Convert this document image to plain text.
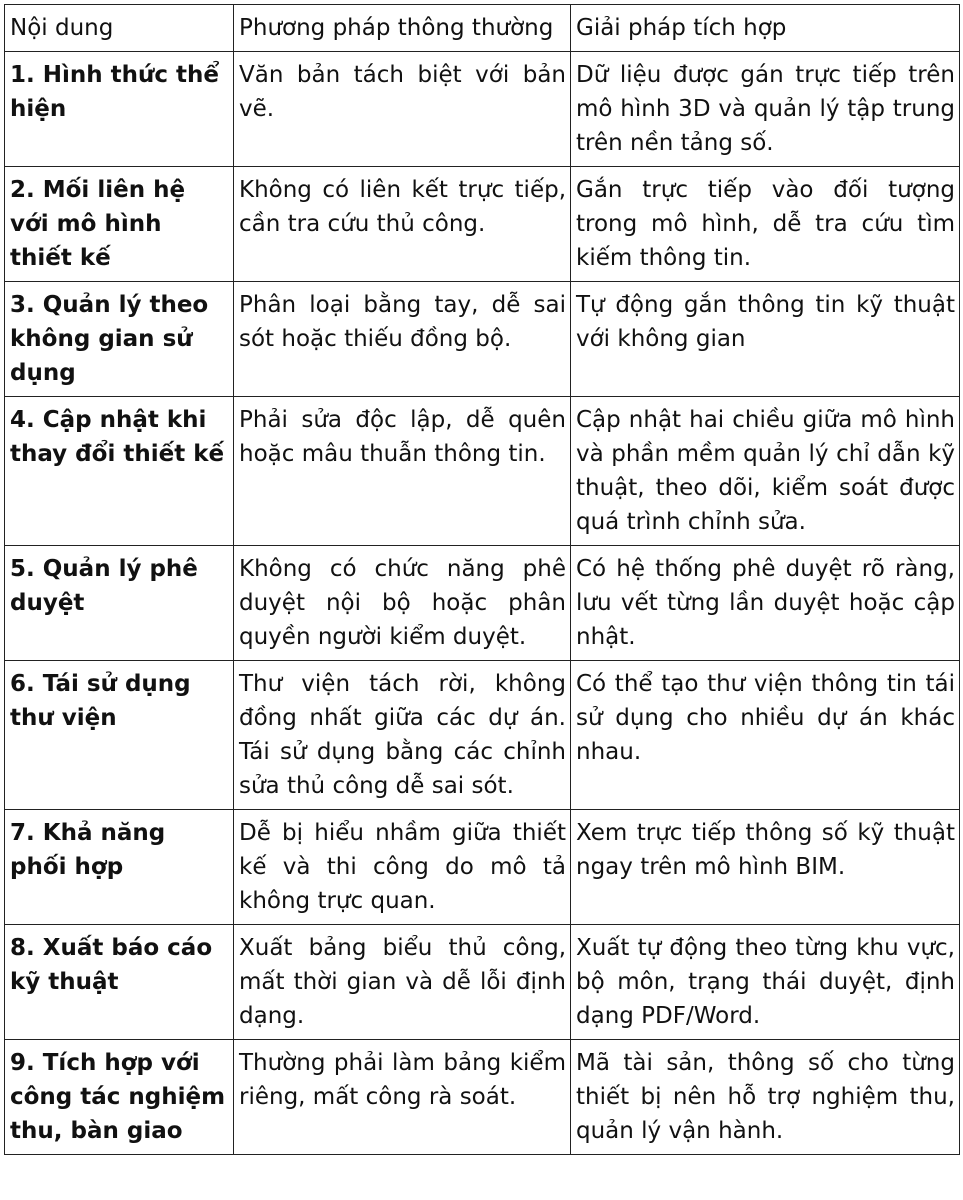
Nội dung	Phương pháp thông thường	Giải pháp tích hợp
1. Hình thức thể hiện	Văn bản tách biệt với bản vẽ.	Dữ liệu được gán trực tiếp trên mô hình 3D và quản lý tập trung trên nền tảng số.
2. Mối liên hệ với mô hình thiết kế	Không có liên kết trực tiếp, cần tra cứu thủ công.	Gắn trực tiếp vào đối tượng trong mô hình, dễ tra cứu tìm kiếm thông tin.
3. Quản lý theo không gian sử dụng	Phân loại bằng tay, dễ sai sót hoặc thiếu đồng bộ.	Tự động gắn thông tin kỹ thuật với không gian
4. Cập nhật khi thay đổi thiết kế	Phải sửa độc lập, dễ quên hoặc mâu thuẫn thông tin.	Cập nhật hai chiều giữa mô hình và phần mềm quản lý chỉ dẫn kỹ thuật, theo dõi, kiểm soát được quá trình chỉnh sửa.
5. Quản lý phê duyệt	Không có chức năng phê duyệt nội bộ hoặc phân quyền người kiểm duyệt.	Có hệ thống phê duyệt rõ ràng, lưu vết từng lần duyệt hoặc cập nhật.
6. Tái sử dụng thư viện	Thư viện tách rời, không đồng nhất giữa các dự án. Tái sử dụng bằng các chỉnh sửa thủ công dễ sai sót.	Có thể tạo thư viện thông tin tái sử dụng cho nhiều dự án khác nhau.
7. Khả năng phối hợp	Dễ bị hiểu nhầm giữa thiết kế và thi công do mô tả không trực quan.	Xem trực tiếp thông số kỹ thuật ngay trên mô hình BIM.
8. Xuất báo cáo kỹ thuật	Xuất bảng biểu thủ công, mất thời gian và dễ lỗi định dạng.	Xuất tự động theo từng khu vực, bộ môn, trạng thái duyệt, định dạng PDF/Word.
9. Tích hợp với công tác nghiệm thu, bàn giao	Thường phải làm bảng kiểm riêng, mất công rà soát.	Mã tài sản, thông số cho từng thiết bị nên hỗ trợ nghiệm thu, quản lý vận hành.
